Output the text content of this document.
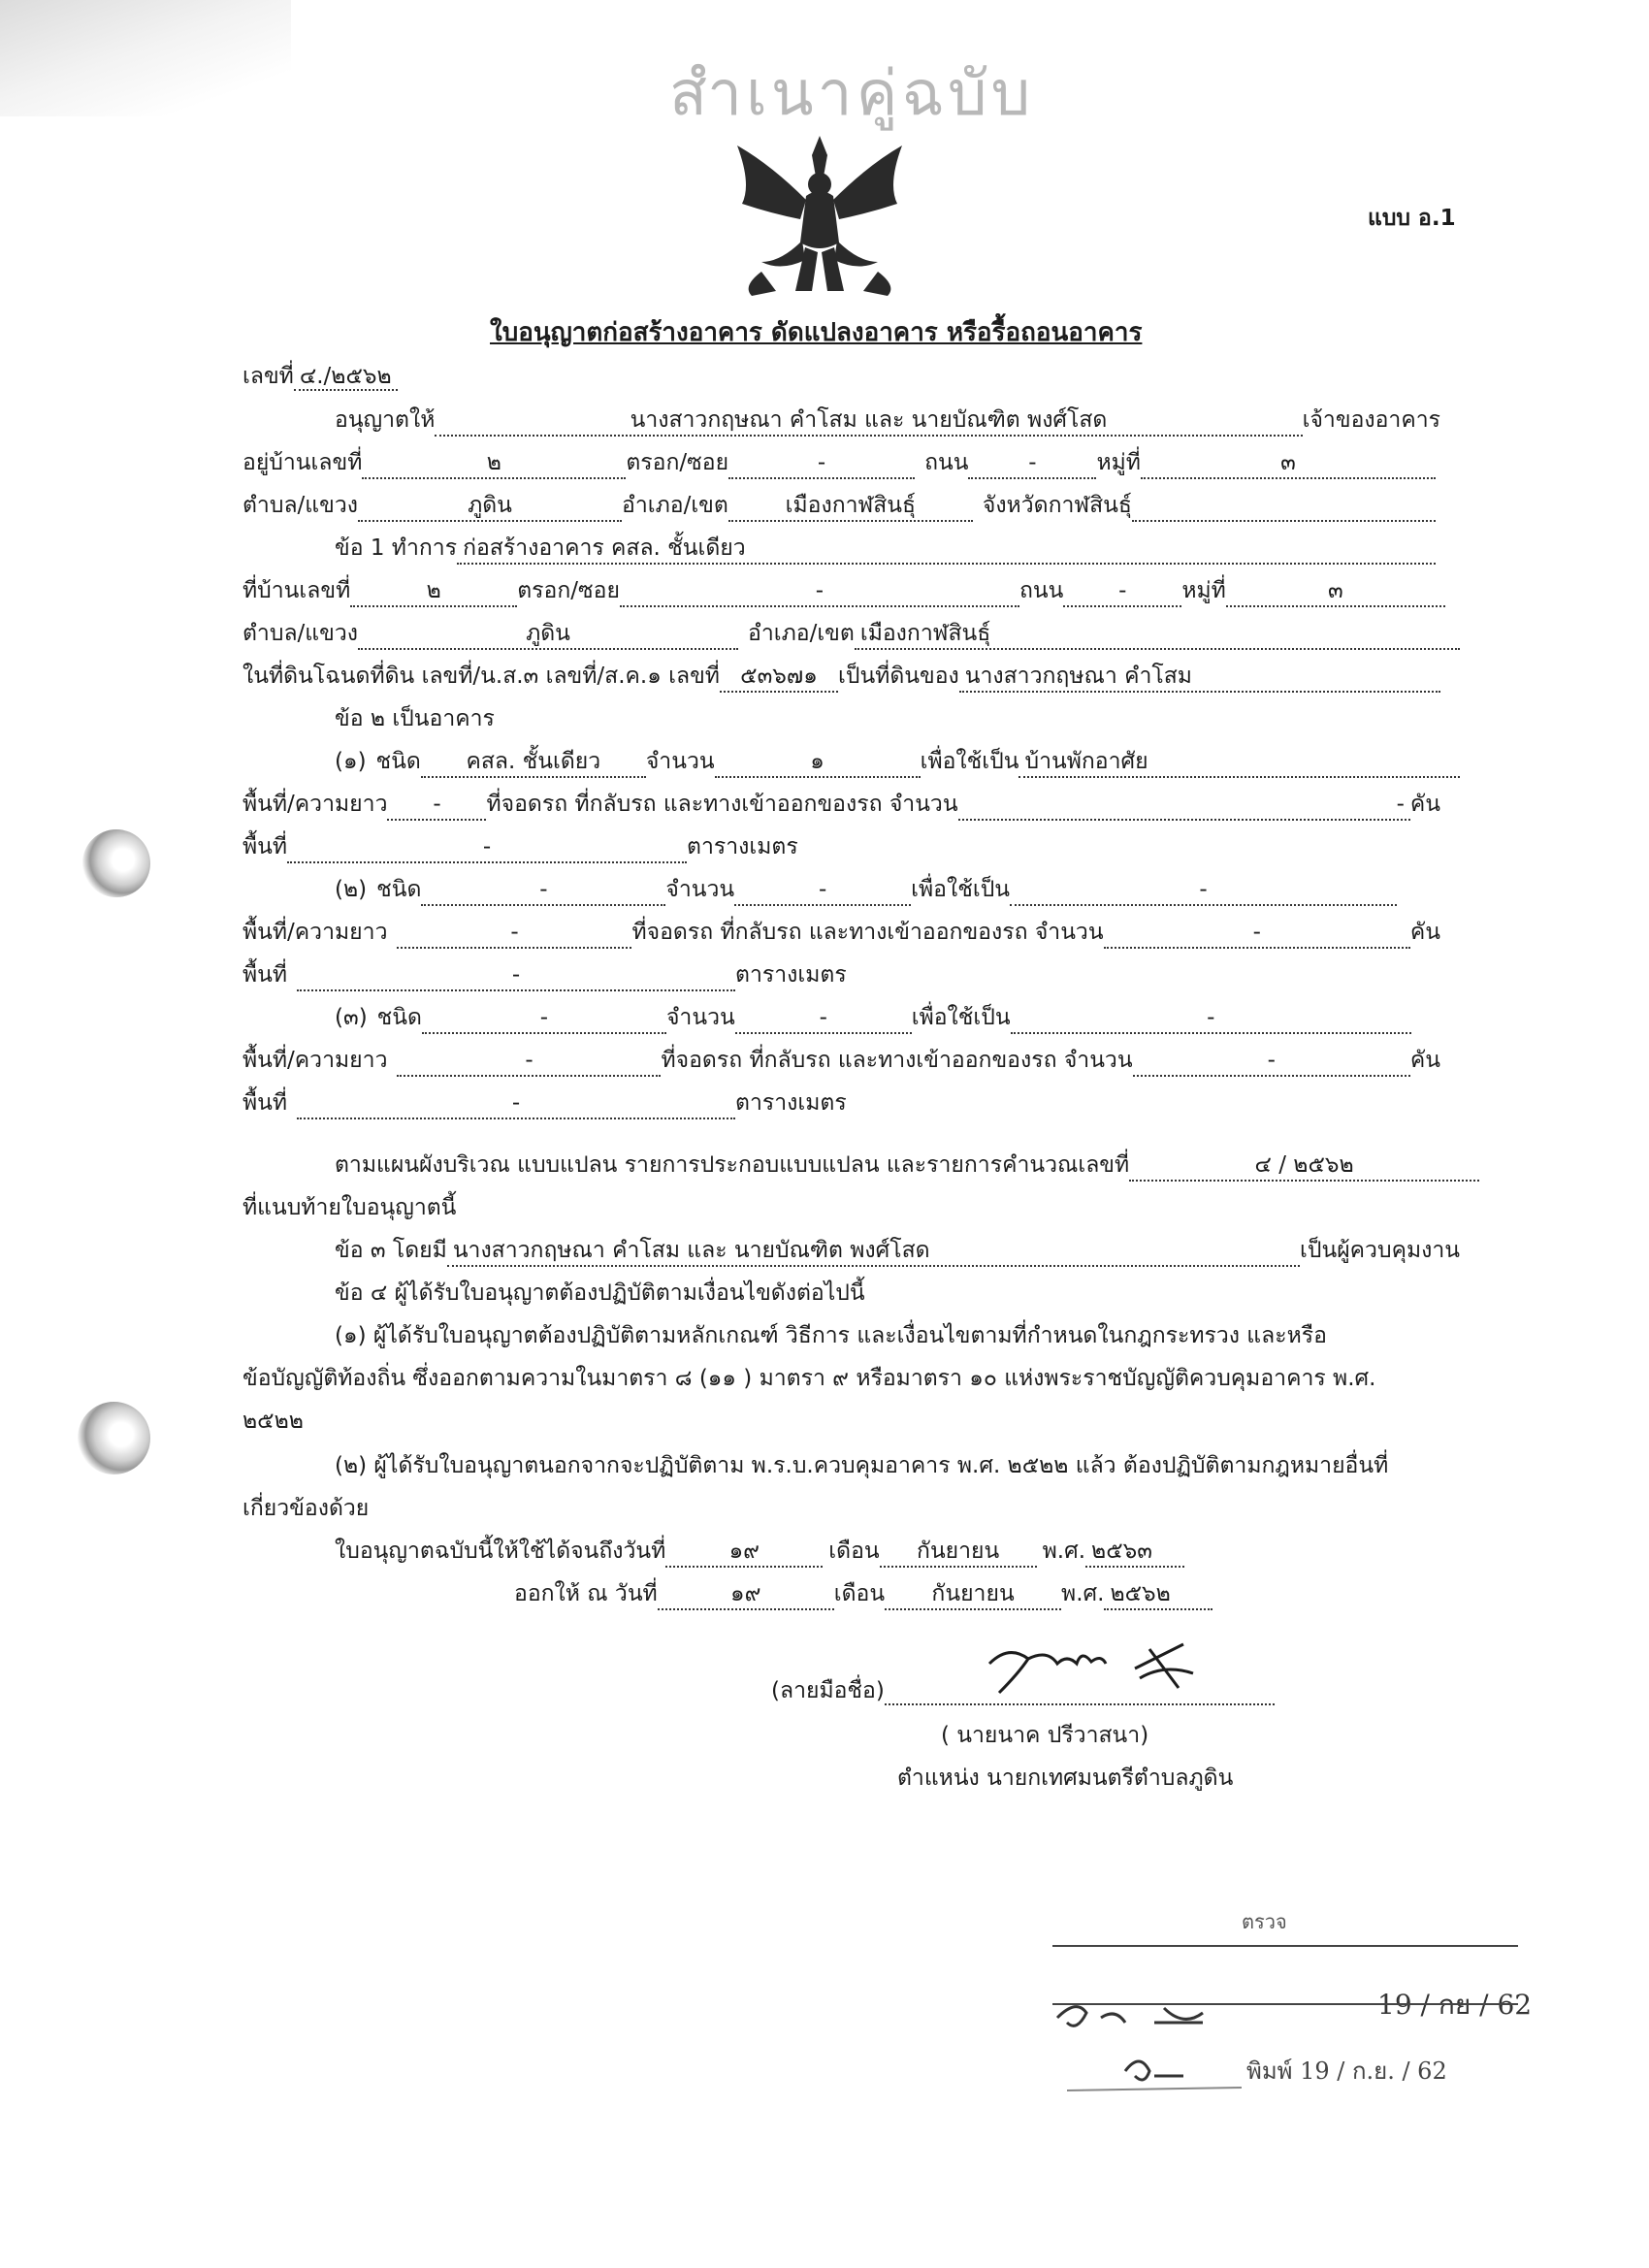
สำเนาคู่ฉบับ
แบบ อ.1
ใบอนุญาตก่อสร้างอาคาร ดัดแปลงอาคาร หรือรื้อถอนอาคาร
เลขที่ ๔./๒๕๖๒
อนุญาตให้	นางสาวกฤษณา คำโสม และ นายบัณฑิต พงศ์โสด	เจ้าของอาคาร
อยู่บ้านเลขที่	๒	ตรอก/ซอย	-	ถนน	-	หมู่ที่	๓
ตำบล/แขวง	ภูดิน	อำเภอ/เขต	เมืองกาฬสินธุ์	จังหวัดกาฬสินธุ์
ข้อ 1 ทำการ ก่อสร้างอาคาร คสล. ชั้นเดียว
ที่บ้านเลขที่	๒	ตรอก/ซอย	-	ถนน	-	หมู่ที่	๓
ตำบล/แขวง	ภูดิน	อำเภอ/เขต เมืองกาฬสินธุ์
ในที่ดินโฉนดที่ดิน เลขที่/น.ส.๓ เลขที่/ส.ค.๑ เลขที่ ๕๓๖๗๑ เป็นที่ดินของ นางสาวกฤษณา คำโสม
ข้อ ๒ เป็นอาคาร
(๑) ชนิด	คสล. ชั้นเดียว	จำนวน	๑	เพื่อใช้เป็น บ้านพักอาศัย
พื้นที่/ความยาว	-	ที่จอดรถ ที่กลับรถ และทางเข้าออกของรถ จำนวน	- คัน
พื้นที่	-	ตารางเมตร
(๒) ชนิด	-	จำนวน	-	เพื่อใช้เป็น	-
พื้นที่/ความยาว	-	ที่จอดรถ ที่กลับรถ และทางเข้าออกของรถ จำนวน	-	คัน
พื้นที่	-	ตารางเมตร
(๓) ชนิด	-	จำนวน	-	เพื่อใช้เป็น	-
พื้นที่/ความยาว	-	ที่จอดรถ ที่กลับรถ และทางเข้าออกของรถ จำนวน	-	คัน
พื้นที่	-	ตารางเมตร
ตามแผนผังบริเวณ แบบแปลน รายการประกอบแบบแปลน และรายการคำนวณเลขที่	๔ / ๒๕๖๒
ที่แนบท้ายใบอนุญาตนี้
ข้อ ๓ โดยมี นางสาวกฤษณา คำโสม และ นายบัณฑิต พงศ์โสด	เป็นผู้ควบคุมงาน
ข้อ ๔ ผู้ได้รับใบอนุญาตต้องปฏิบัติตามเงื่อนไขดังต่อไปนี้
(๑) ผู้ได้รับใบอนุญาตต้องปฏิบัติตามหลักเกณฑ์ วิธีการ และเงื่อนไขตามที่กำหนดในกฎกระทรวง และหรือ
ข้อบัญญัติท้องถิ่น ซึ่งออกตามความในมาตรา ๘ (๑๑ ) มาตรา ๙ หรือมาตรา ๑๐ แห่งพระราชบัญญัติควบคุมอาคาร พ.ศ.
๒๕๒๒
(๒) ผู้ได้รับใบอนุญาตนอกจากจะปฏิบัติตาม พ.ร.บ.ควบคุมอาคาร พ.ศ. ๒๕๒๒ แล้ว ต้องปฏิบัติตามกฎหมายอื่นที่
เกี่ยวข้องด้วย
ใบอนุญาตฉบับนี้ให้ใช้ได้จนถึงวันที่	๑๙	เดือน	กันยายน	พ.ศ. ๒๕๖๓
ออกให้ ณ วันที่	๑๙	เดือน	กันยายน	พ.ศ. ๒๕๖๒
(ลายมือชื่อ)
( นายนาค ปรีวาสนา)
ตำแหน่ง นายกเทศมนตรีตำบลภูดิน
ตรวจ
19 / กย / 62
พิมพ์ 19 / ก.ย. / 62
